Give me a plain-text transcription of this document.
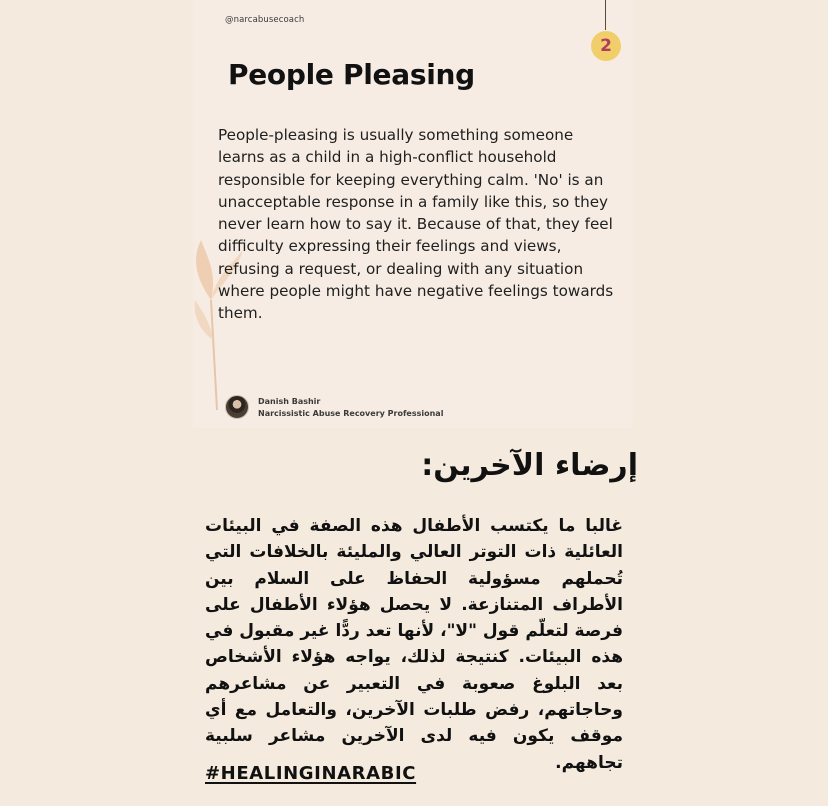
@narcabusecoach
2
People Pleasing
People-pleasing is usually something someone learns as a child in a high-conflict household responsible for keeping everything calm. 'No' is an unacceptable response in a family like this, so they never learn how to say it. Because of that, they feel difficulty expressing their feelings and views, refusing a request, or dealing with any situation where people might have negative feelings towards them.
Danish Bashir
Narcissistic Abuse Recovery Professional
إرضاء الآخرين:
غالبا ما يكتسب الأطفال هذه الصفة في البيئات العائلية ذات التوتر العالي والمليئة بالخلافات التي تُحملهم مسؤولية الحفاظ على السلام بين الأطراف المتنازعة. لا يحصل هؤلاء الأطفال على فرصة لتعلّم قول "لا"، لأنها تعد ردًّا غير مقبول في هذه البيئات. كنتيجة لذلك، يواجه هؤلاء الأشخاص بعد البلوغ صعوبة في التعبير عن مشاعرهم وحاجاتهم، رفض طلبات الآخرين، والتعامل مع أي موقف يكون فيه لدى الآخرين مشاعر سلبية تجاههم.
#HEALINGINARABIC
